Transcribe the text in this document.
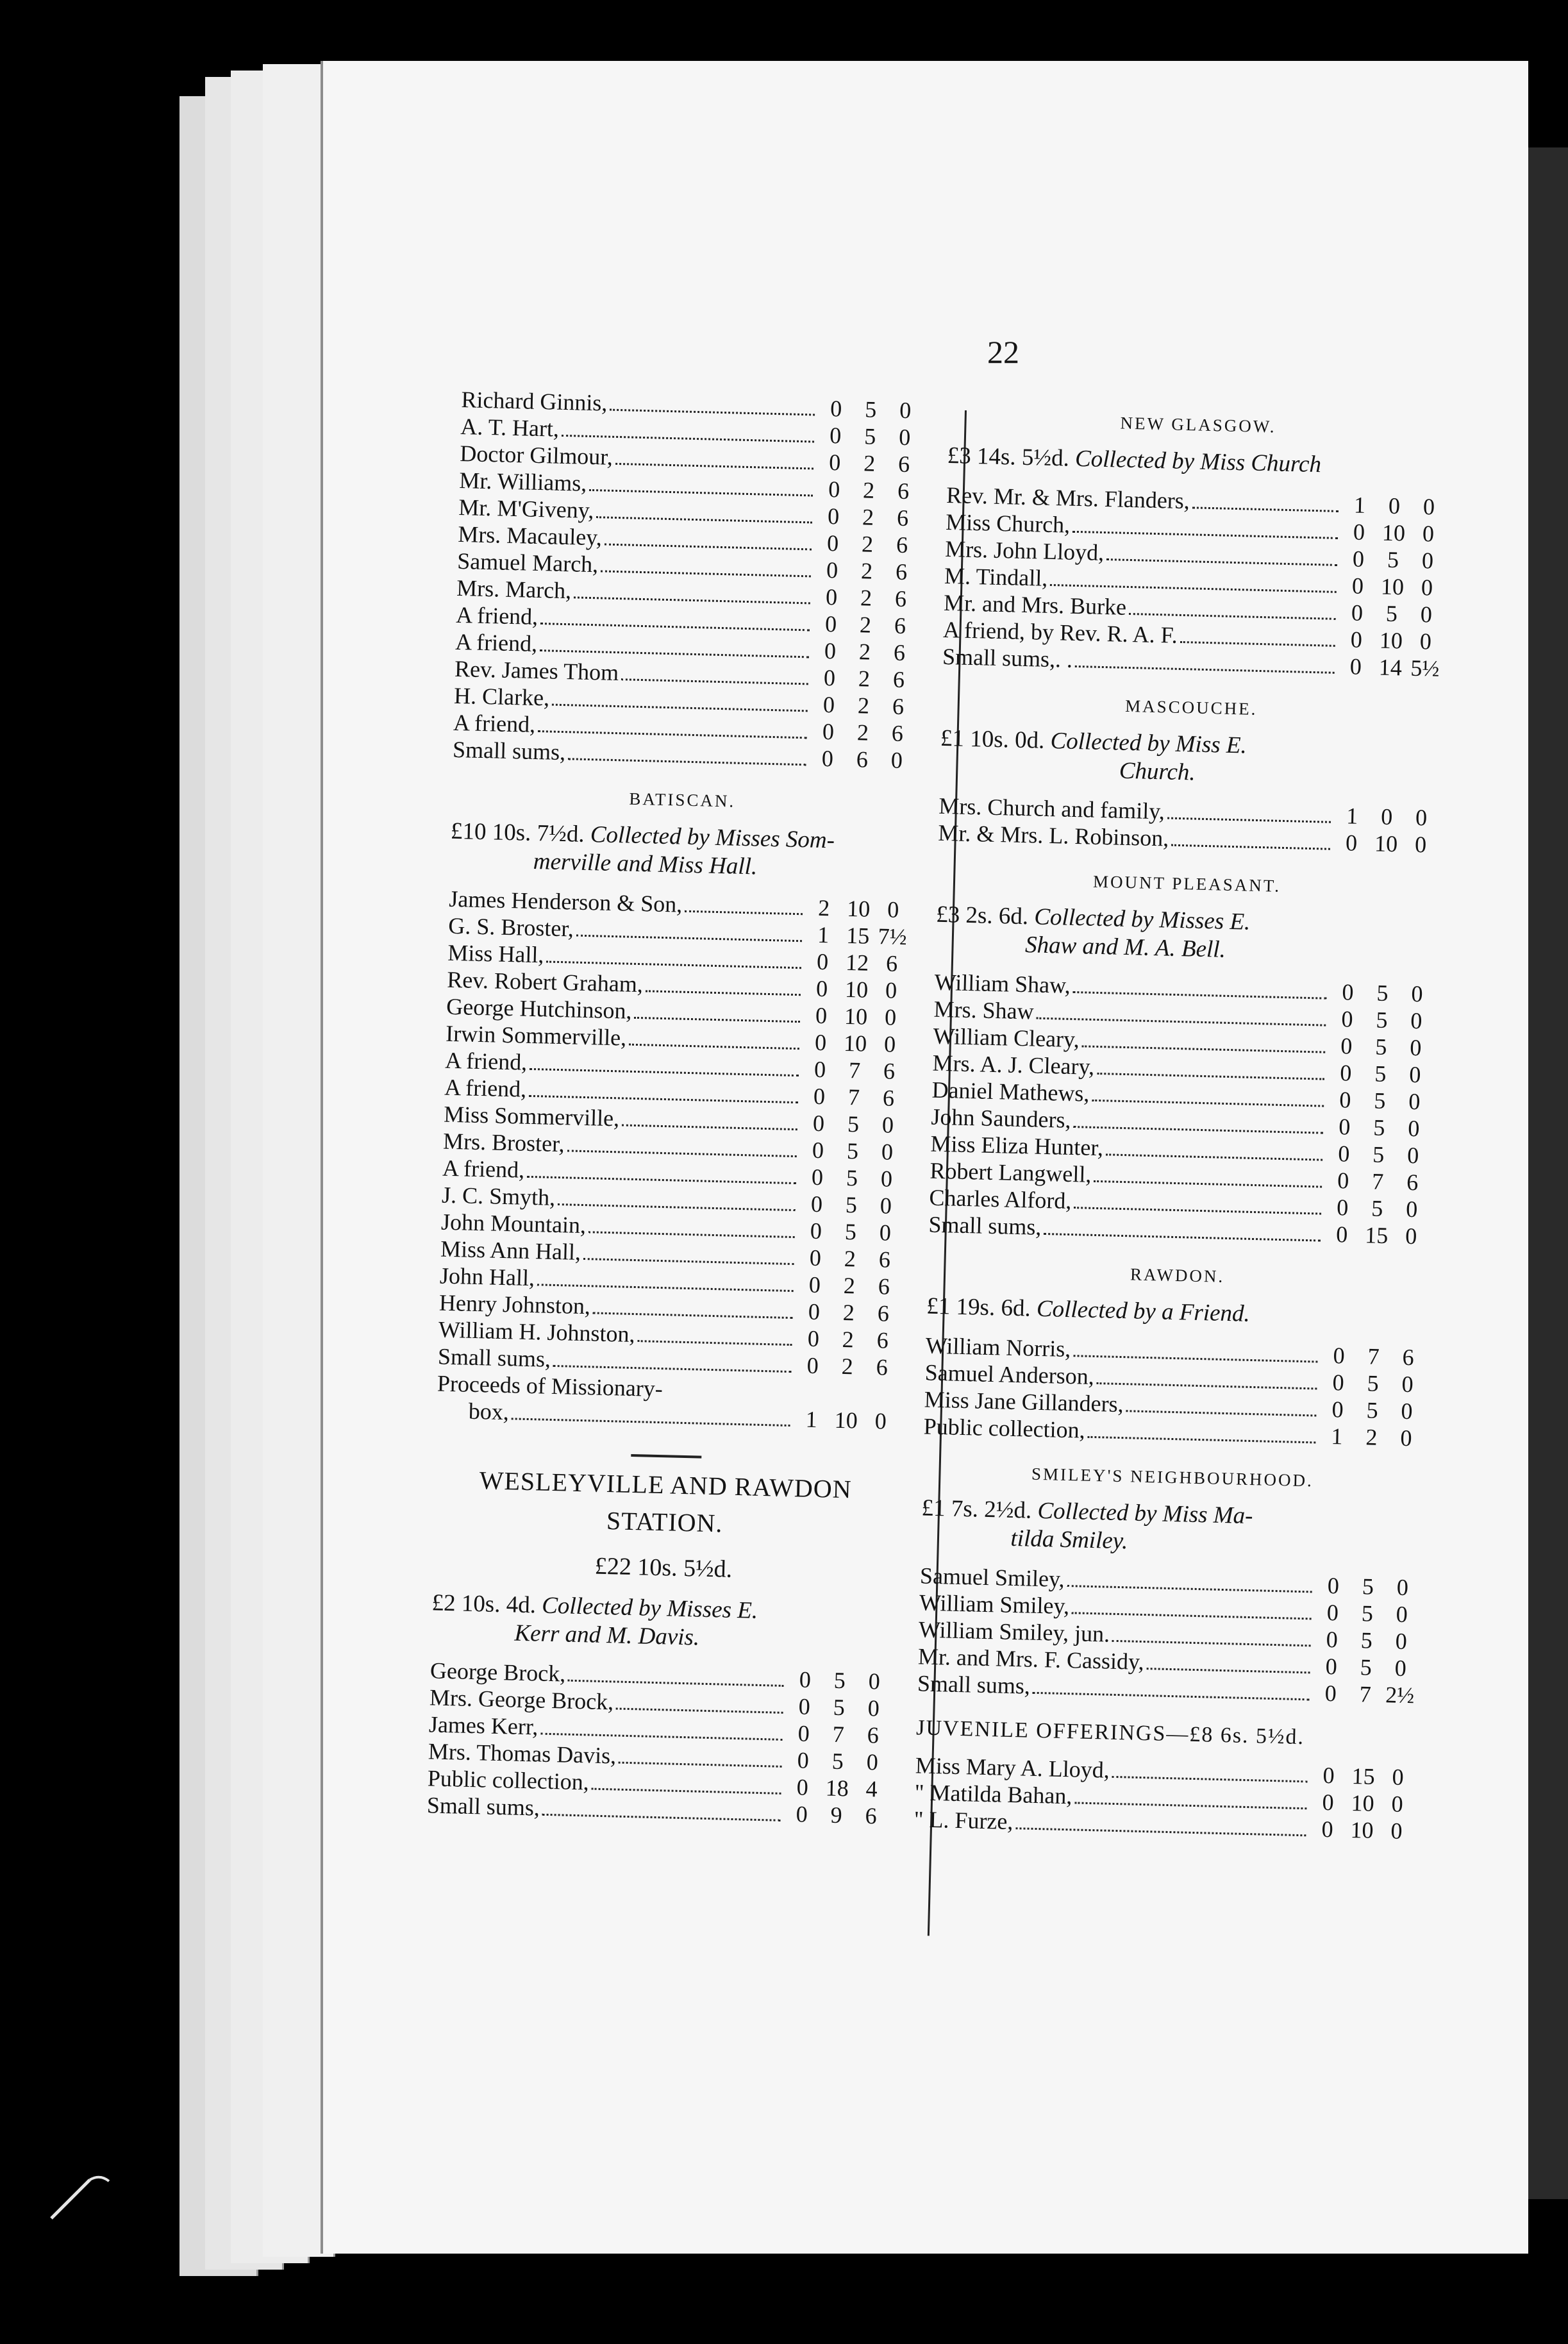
22
Richard Ginnis,	0 5 0
A. T. Hart,	0 5 0
Doctor Gilmour,	0 2 6
Mr. Williams,	0 2 6
Mr. M'Giveny,	0 2 6
Mrs. Macauley,	0 2 6
Samuel March,	0 2 6
Mrs. March,	0 2 6
A friend,	0 2 6
A friend,	0 2 6
Rev. James Thom	0 2 6
H. Clarke,	0 2 6
A friend,	0 2 6
Small sums,	0 6 0
BATISCAN.
£10 10s. 7½d. Collected by Misses Som-
merville and Miss Hall.
James Henderson & Son,	2 10 0
G. S. Broster,	1 15 7½
Miss Hall,	0 12 6
Rev. Robert Graham,	0 10 0
George Hutchinson,	0 10 0
Irwin Sommerville,	0 10 0
A friend,	0 7 6
A friend,	0 7 6
Miss Sommerville,	0 5 0
Mrs. Broster,	0 5 0
A friend,	0 5 0
J. C. Smyth,	0 5 0
John Mountain,	0 5 0
Miss Ann Hall,	0 2 6
John Hall,	0 2 6
Henry Johnston,	0 2 6
William H. Johnston,	0 2 6
Small sums,	0 2 6
Proceeds of Missionary-
box,	1 10 0
WESLEYVILLE AND RAWDON
STATION.
£22 10s. 5½d.
£2 10s. 4d. Collected by Misses E.
Kerr and M. Davis.
George Brock,	0 5 0
Mrs. George Brock,	0 5 0
James Kerr,	0 7 6
Mrs. Thomas Davis,	0 5 0
Public collection,	0 18 4
Small sums,	0 9 6
NEW GLASGOW.
£3 14s. 5½d. Collected by Miss Church
Rev. Mr. & Mrs. Flanders,	1 0 0
Miss Church,	0 10 0
Mrs. John Lloyd,	0 5 0
M. Tindall,	0 10 0
Mr. and Mrs. Burke	0 5 0
A friend, by Rev. R. A. F.	0 10 0
Small sums,. .	0 14 5½
MASCOUCHE.
£1 10s. 0d. Collected by Miss E.
Church.
Mrs. Church and family,	1 0 0
Mr. & Mrs. L. Robinson,	0 10 0
MOUNT PLEASANT.
£3 2s. 6d. Collected by Misses E.
Shaw and M. A. Bell.
William Shaw,	0 5 0
Mrs. Shaw	0 5 0
William Cleary,	0 5 0
Mrs. A. J. Cleary,	0 5 0
Daniel Mathews,	0 5 0
John Saunders,	0 5 0
Miss Eliza Hunter,	0 5 0
Robert Langwell,	0 7 6
Charles Alford,	0 5 0
Small sums,	0 15 0
RAWDON.
£1 19s. 6d. Collected by a Friend.
William Norris,	0 7 6
Samuel Anderson,	0 5 0
Miss Jane Gillanders,	0 5 0
Public collection,	1 2 0
SMILEY'S NEIGHBOURHOOD.
£1 7s. 2½d. Collected by Miss Ma-
tilda Smiley.
Samuel Smiley,	0 5 0
William Smiley,	0 5 0
William Smiley, jun.	0 5 0
Mr. and Mrs. F. Cassidy,	0 5 0
Small sums,	0 7 2½
JUVENILE OFFERINGS—£8 6s. 5½d.
Miss Mary A. Lloyd,	0 15 0
" Matilda Bahan,	0 10 0
" L. Furze,	0 10 0
